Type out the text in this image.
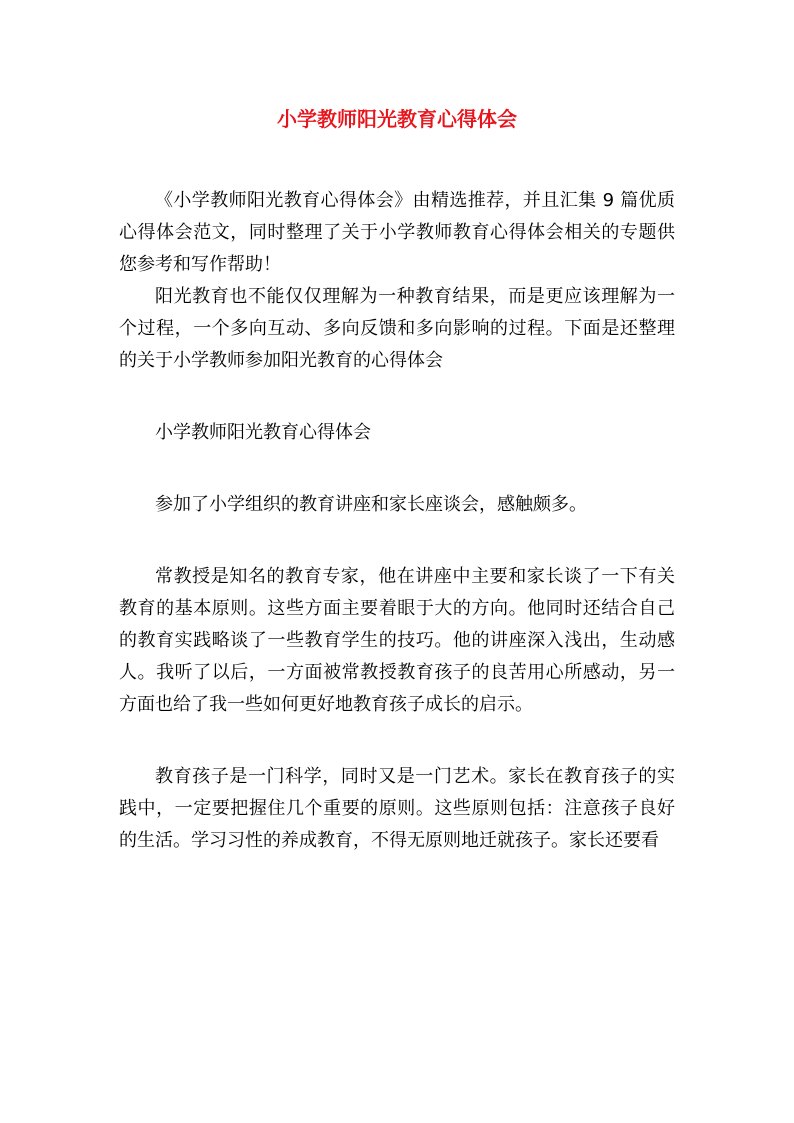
小学教师阳光教育心得体会

《小学教师阳光教育心得体会》由精选推荐，并且汇集 9 篇优质心得体会范文，同时整理了关于小学教师教育心得体会相关的专题供您参考和写作帮助！

阳光教育也不能仅仅理解为一种教育结果，而是更应该理解为一个过程，一个多向互动、多向反馈和多向影响的过程。下面是还整理的关于小学教师参加阳光教育的心得体会

小学教师阳光教育心得体会

参加了小学组织的教育讲座和家长座谈会，感触颇多。

常教授是知名的教育专家，他在讲座中主要和家长谈了一下有关教育的基本原则。这些方面主要着眼于大的方向。他同时还结合自己的教育实践略谈了一些教育学生的技巧。他的讲座深入浅出，生动感人。我听了以后，一方面被常教授教育孩子的良苦用心所感动，另一方面也给了我一些如何更好地教育孩子成长的启示。

教育孩子是一门科学，同时又是一门艺术。家长在教育孩子的实践中，一定要把握住几个重要的原则。这些原则包括：注意孩子良好的生活。学习习性的养成教育，不得无原则地迁就孩子。家长还要看
